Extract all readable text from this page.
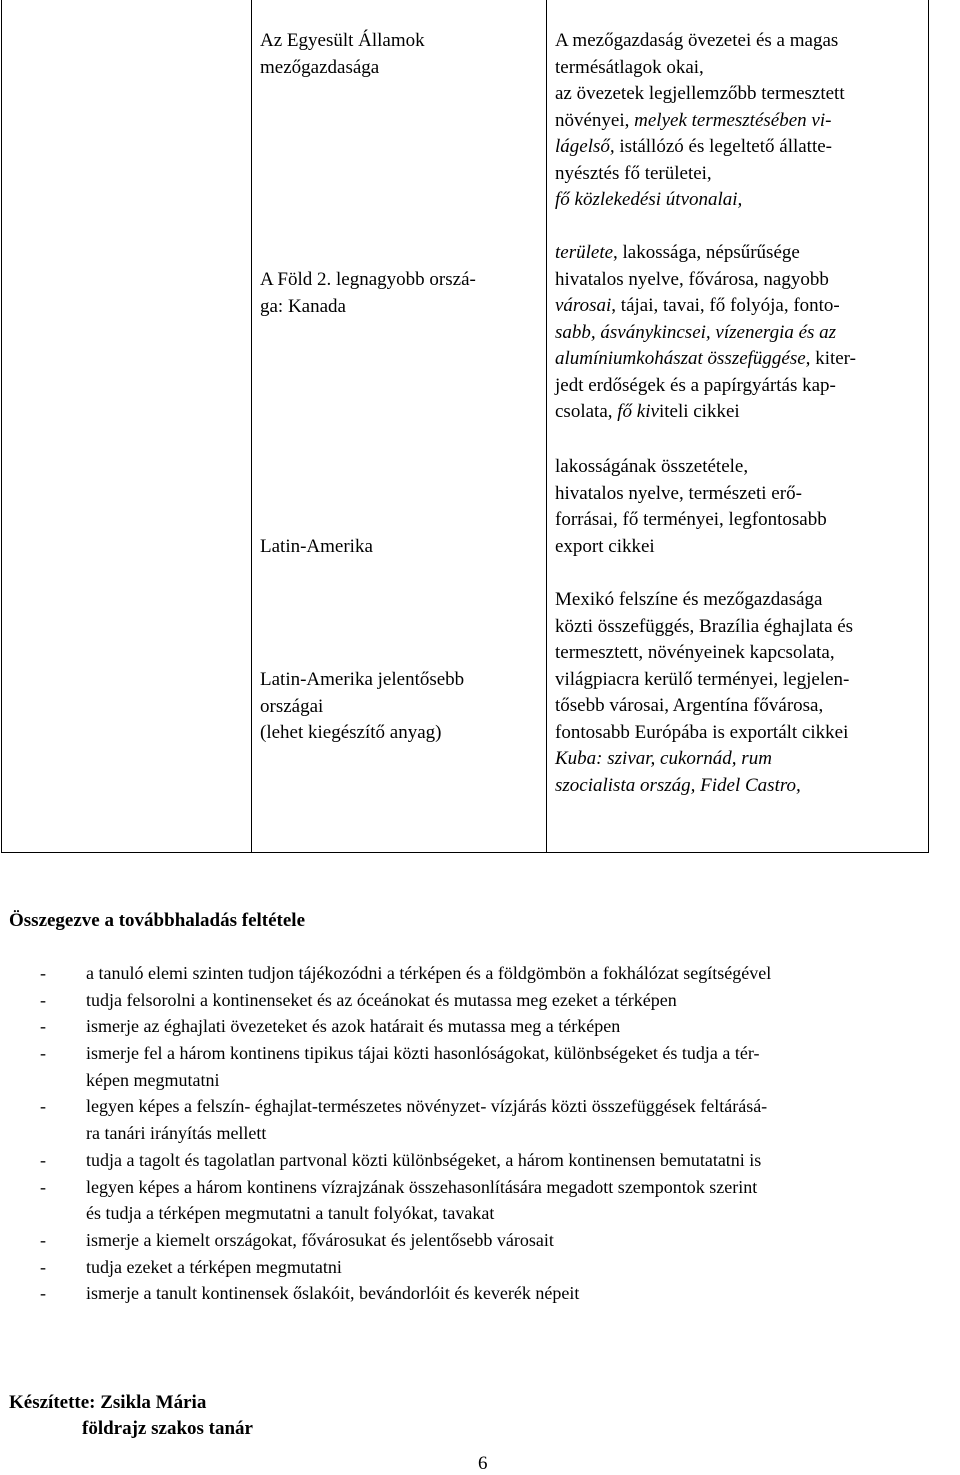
Az Egyesült Államok
mezőgazdasága
A Föld 2. legnagyobb orszá-
ga: Kanada
Latin-Amerika
Latin-Amerika jelentősebb
országai
(lehet kiegészítő anyag)
A mezőgazdaság övezetei és a magas
termésátlagok okai,
az övezetek legjellemzőbb termesztett
növényei, melyek termesztésében vi-
lágelső, istállózó és legeltető állatte-
nyésztés fő területei,
fő közlekedési útvonalai,
területe, lakossága, népsűrűsége
hivatalos nyelve, fővárosa, nagyobb
városai, tájai, tavai, fő folyója, fonto-
sabb, ásványkincsei, vízenergia és az
alumíniumkohászat összefüggése, kiter-
jedt erdőségek és a papírgyártás kap-
csolata, fő kiviteli cikkei
lakosságának összetétele,
hivatalos nyelve, természeti erő-
forrásai, fő terményei, legfontosabb
export cikkei
Mexikó felszíne és mezőgazdasága
közti összefüggés, Brazília éghajlata és
termesztett, növényeinek kapcsolata,
világpiacra kerülő terményei, legjelen-
tősebb városai, Argentína fővárosa,
fontosabb Európába is exportált cikkei
Kuba: szivar, cukornád, rum
szocialista ország, Fidel Castro,
Összegezve a továbbhaladás feltétele
- a tanuló elemi szinten tudjon tájékozódni a térképen és a földgömbön a fokhálózat segítségével
- tudja felsorolni a kontinenseket és az óceánokat és mutassa meg ezeket a térképen
- ismerje az éghajlati övezeteket és azok határait és mutassa meg a térképen
- ismerje fel a három kontinens tipikus tájai közti hasonlóságokat, különbségeket és tudja a tér-
képen megmutatni
- legyen képes a felszín- éghajlat-természetes növényzet- vízjárás közti összefüggések feltárásá-
ra tanári irányítás mellett
- tudja a tagolt és tagolatlan partvonal közti különbségeket, a három kontinensen bemutatatni is
- legyen képes a három kontinens vízrajzának összehasonlítására megadott szempontok szerint
és tudja a térképen megmutatni a tanult folyókat, tavakat
- ismerje a kiemelt országokat, fővárosukat és jelentősebb városait
- tudja ezeket a térképen megmutatni
- ismerje a tanult kontinensek őslakóit, bevándorlóit és keverék népeit
Készítette: Zsikla Mária
földrajz szakos tanár
6
